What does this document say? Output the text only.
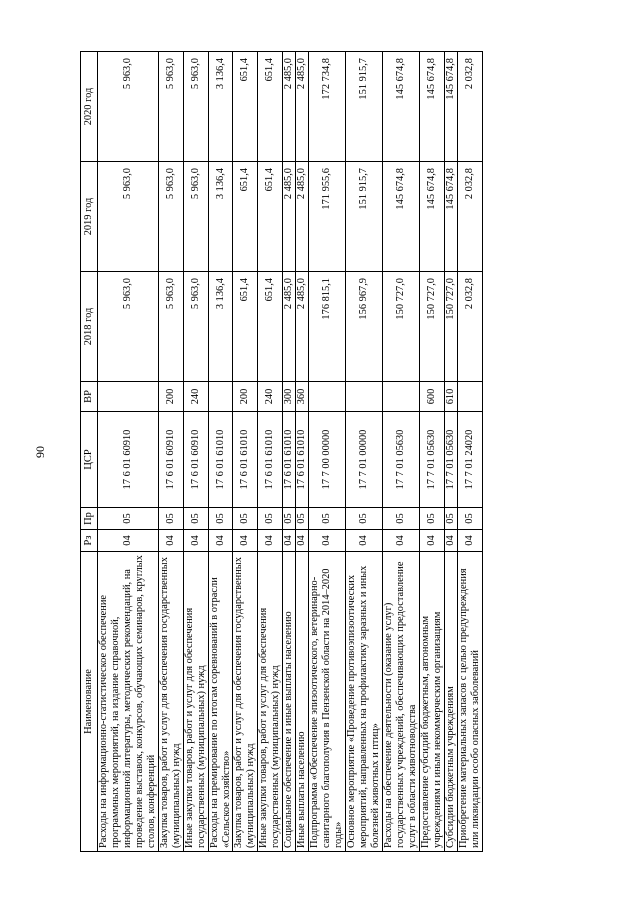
90
Наименование	Рз	Пр	ЦСР	ВР	2018 год	2019 год	2020 год
Расходы на информационно-статистическое обеспечение программных мероприятий, на издание справочной, информационной литературы, методических рекомендаций, на проведение выставок, конкурсов, обучающих семинаров, круглых столов, конференций	04	05	17 6 01 60910		5 963,0	5 963,0	5 963,0
Закупка товаров, работ и услуг для обеспечения государственных (муниципальных) нужд	04	05	17 6 01 60910	200	5 963,0	5 963,0	5 963,0
Иные закупки товаров, работ и услуг для обеспечения государственных (муниципальных) нужд	04	05	17 6 01 60910	240	5 963,0	5 963,0	5 963,0
Расходы на премирование по итогам соревнований в отрасли «Сельское хозяйство»	04	05	17 6 01 61010		3 136,4	3 136,4	3 136,4
Закупка товаров, работ и услуг для обеспечения государственных (муниципальных) нужд	04	05	17 6 01 61010	200	651,4	651,4	651,4
Иные закупки товаров, работ и услуг для обеспечения государственных (муниципальных) нужд	04	05	17 6 01 61010	240	651,4	651,4	651,4
Социальное обеспечение и иные выплаты населению	04	05	17 6 01 61010	300	2 485,0	2 485,0	2 485,0
Иные выплаты населению	04	05	17 6 01 61010	360	2 485,0	2 485,0	2 485,0
Подпрограмма «Обеспечение эпизоотического, ветеринарно-санитарного благополучия в Пензенской области на 2014–2020 годы»	04	05	17 7 00 00000		176 815,1	171 955,6	172 734,8
Основное мероприятие «Проведение противоэпизоотических мероприятий, направленных на профилактику заразных и иных болезней животных и птиц»	04	05	17 7 01 00000		156 967,9	151 915,7	151 915,7
Расходы на обеспечение деятельности (оказание услуг) государственных учреждений, обеспечивающих предоставление услуг в области животноводства	04	05	17 7 01 05630		150 727,0	145 674,8	145 674,8
Предоставление субсидий бюджетным, автономным учреждениям и иным некоммерческим организациям	04	05	17 7 01 05630	600	150 727,0	145 674,8	145 674,8
Субсидии бюджетным учреждениям	04	05	17 7 01 05630	610	150 727,0	145 674,8	145 674,8
Приобретение материальных запасов с целью предупреждения или ликвидации особо опасных заболеваний	04	05	17 7 01 24020		2 032,8	2 032,8	2 032,8
